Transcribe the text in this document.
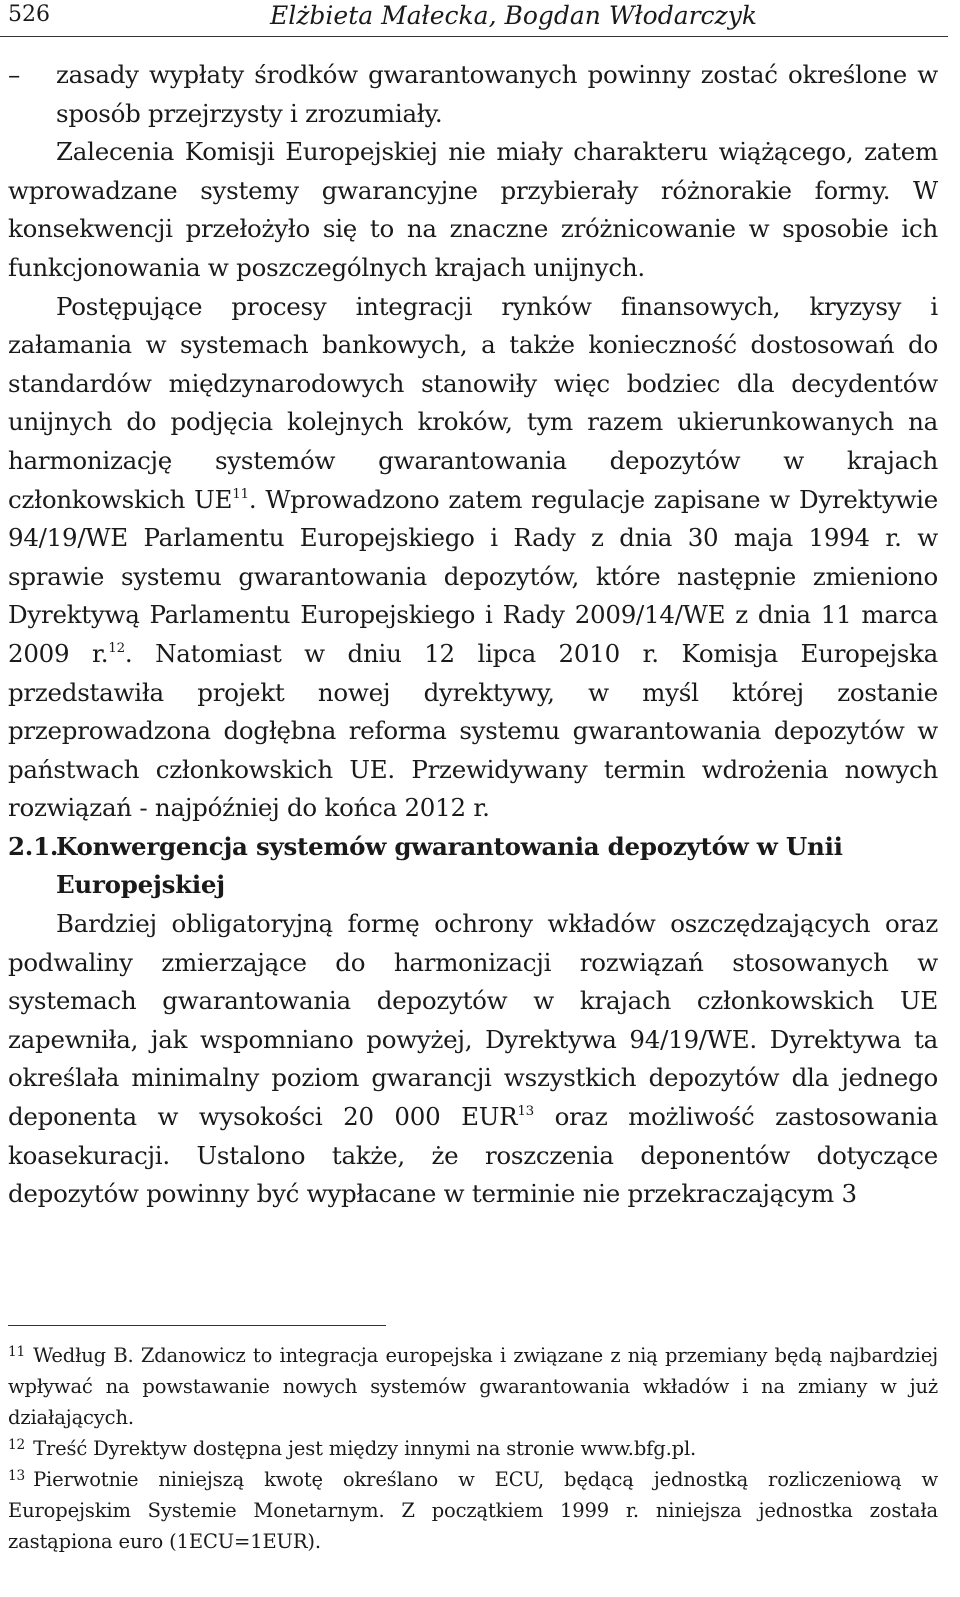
526	Elżbieta Małecka, Bogdan Włodarczyk

– zasady wypłaty środków gwarantowanych powinny zostać określone w sposób przejrzysty i zrozumiały.

Zalecenia Komisji Europejskiej nie miały charakteru wiążącego, zatem wprowadzane systemy gwarancyjne przybierały różnorakie formy. W konsekwencji przełożyło się to na znaczne zróżnicowanie w sposobie ich funkcjonowania w poszczególnych krajach unijnych.

Postępujące procesy integracji rynków finansowych, kryzysy i załamania w systemach bankowych, a także konieczność dostosowań do standardów międzynarodowych stanowiły więc bodziec dla decydentów unijnych do podjęcia kolejnych kroków, tym razem ukierunkowanych na harmonizację systemów gwarantowania depozytów w krajach członkowskich UE$^{11}$. Wprowadzono zatem regulacje zapisane w Dyrektywie 94/19/WE Parlamentu Europejskiego i Rady z dnia 30 maja 1994 r. w sprawie systemu gwarantowania depozytów, które następnie zmieniono Dyrektywą Parlamentu Europejskiego i Rady 2009/14/WE z dnia 11 marca 2009 r.$^{12}$. Natomiast w dniu 12 lipca 2010 r. Komisja Europejska przedstawiła projekt nowej dyrektywy, w myśl której zostanie przeprowadzona dogłębna reforma systemu gwarantowania depozytów w państwach członkowskich UE. Przewidywany termin wdrożenia nowych rozwiązań - najpóźniej do końca 2012 r.

2.1.
Konwergencja systemów gwarantowania depozytów w Unii Europejskiej

Bardziej obligatoryjną formę ochrony wkładów oszczędzających oraz podwaliny zmierzające do harmonizacji rozwiązań stosowanych w systemach gwarantowania depozytów w krajach członkowskich UE zapewniła, jak wspomniano powyżej, Dyrektywa 94/19/WE. Dyrektywa ta określała minimalny poziom gwarancji wszystkich depozytów dla jednego deponenta w wysokości 20 000 EUR$^{13}$ oraz możliwość zastosowania koasekuracji. Ustalono także, że roszczenia deponentów dotyczące depozytów powinny być wypłacane w terminie nie przekraczającym 3

$^{11}$ Według B. Zdanowicz to integracja europejska i związane z nią przemiany będą najbardziej wpływać na powstawanie nowych systemów gwarantowania wkładów i na zmiany w już działających.

$^{12}$ Treść Dyrektyw dostępna jest między innymi na stronie www.bfg.pl.

$^{13}$ Pierwotnie niniejszą kwotę określano w ECU, będącą jednostką rozliczeniową w Europejskim Systemie Monetarnym. Z początkiem 1999 r. niniejsza jednostka została zastąpiona euro (1ECU=1EUR).
